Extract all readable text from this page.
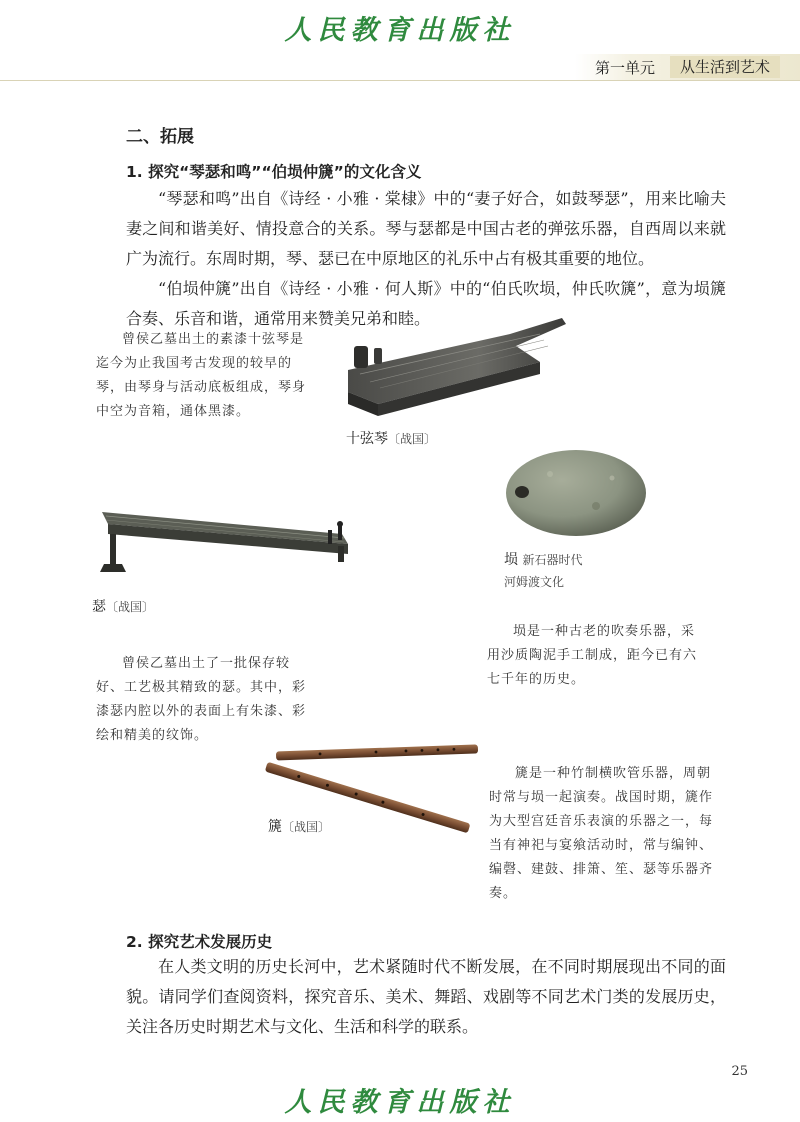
人民教育出版社
第一单元	从生活到艺术
二、拓展
1. 探究“琴瑟和鸣”“伯埙仲篪”的文化含义
“琴瑟和鸣”出自《诗经 · 小雅 · 棠棣》中的“妻子好合，如鼓琴瑟”，用来比喻夫妻之间和谐美好、情投意合的关系。琴与瑟都是中国古老的弹弦乐器，自西周以来就广为流行。东周时期，琴、瑟已在中原地区的礼乐中占有极其重要的地位。
“伯埙仲篪”出自《诗经 · 小雅 · 何人斯》中的“伯氏吹埙，仲氏吹篪”，意为埙篪合奏、乐音和谐，通常用来赞美兄弟和睦。
曾侯乙墓出土的素漆十弦琴是迄今为止我国考古发现的较早的琴，由琴身与活动底板组成，琴身中空为音箱，通体黑漆。
十弦琴〔战国〕
埙 新石器时代
河姆渡文化
埙是一种古老的吹奏乐器，采用沙质陶泥手工制成，距今已有六七千年的历史。
瑟〔战国〕
曾侯乙墓出土了一批保存较好、工艺极其精致的瑟。其中，彩漆瑟内腔以外的表面上有朱漆、彩绘和精美的纹饰。
篪〔战国〕
篪是一种竹制横吹管乐器，周朝时常与埙一起演奏。战国时期，篪作为大型宫廷音乐表演的乐器之一，每当有神祀与宴飨活动时，常与编钟、编磬、建鼓、排箫、笙、瑟等乐器齐奏。
2. 探究艺术发展历史
在人类文明的历史长河中，艺术紧随时代不断发展，在不同时期展现出不同的面貌。请同学们查阅资料，探究音乐、美术、舞蹈、戏剧等不同艺术门类的发展历史，关注各历史时期艺术与文化、生活和科学的联系。
25
人民教育出版社
